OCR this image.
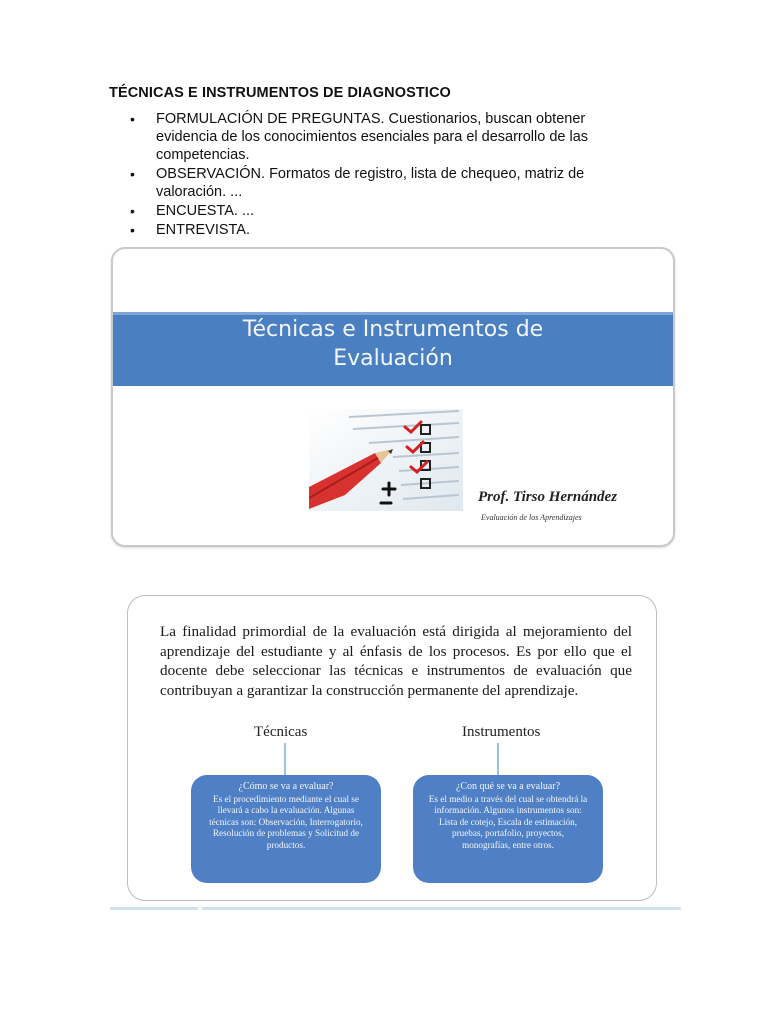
TÉCNICAS E INSTRUMENTOS DE DIAGNOSTICO
• FORMULACIÓN DE PREGUNTAS. Cuestionarios, buscan obtener evidencia de los conocimientos esenciales para el desarrollo de las competencias.
• OBSERVACIÓN. Formatos de registro, lista de chequeo, matriz de valoración. ...
• ENCUESTA. ...
• ENTREVISTA.
Técnicas e Instrumentos de
Evaluación
Prof. Tirso Hernández
Evaluación de los Aprendizajes
La finalidad primordial de la evaluación está dirigida al mejoramiento del aprendizaje del estudiante y al énfasis de los procesos. Es por ello que el docente debe seleccionar las técnicas e instrumentos de evaluación que contribuyan a garantizar la construcción permanente del aprendizaje.
Técnicas	Instrumentos
¿Cómo se va a evaluar?
Es el procedimiento mediante el cual se llevará a cabo la evaluación. Algunas técnicas son: Observación, Interrogatorio, Resolución de problemas y Solicitud de productos.
¿Con qué se va a evaluar?
Es el medio a través del cual se obtendrá la información. Algunos instrumentos son: Lista de cotejo, Escala de estimación, pruebas, portafolio, proyectos, monografías, entre otros.
